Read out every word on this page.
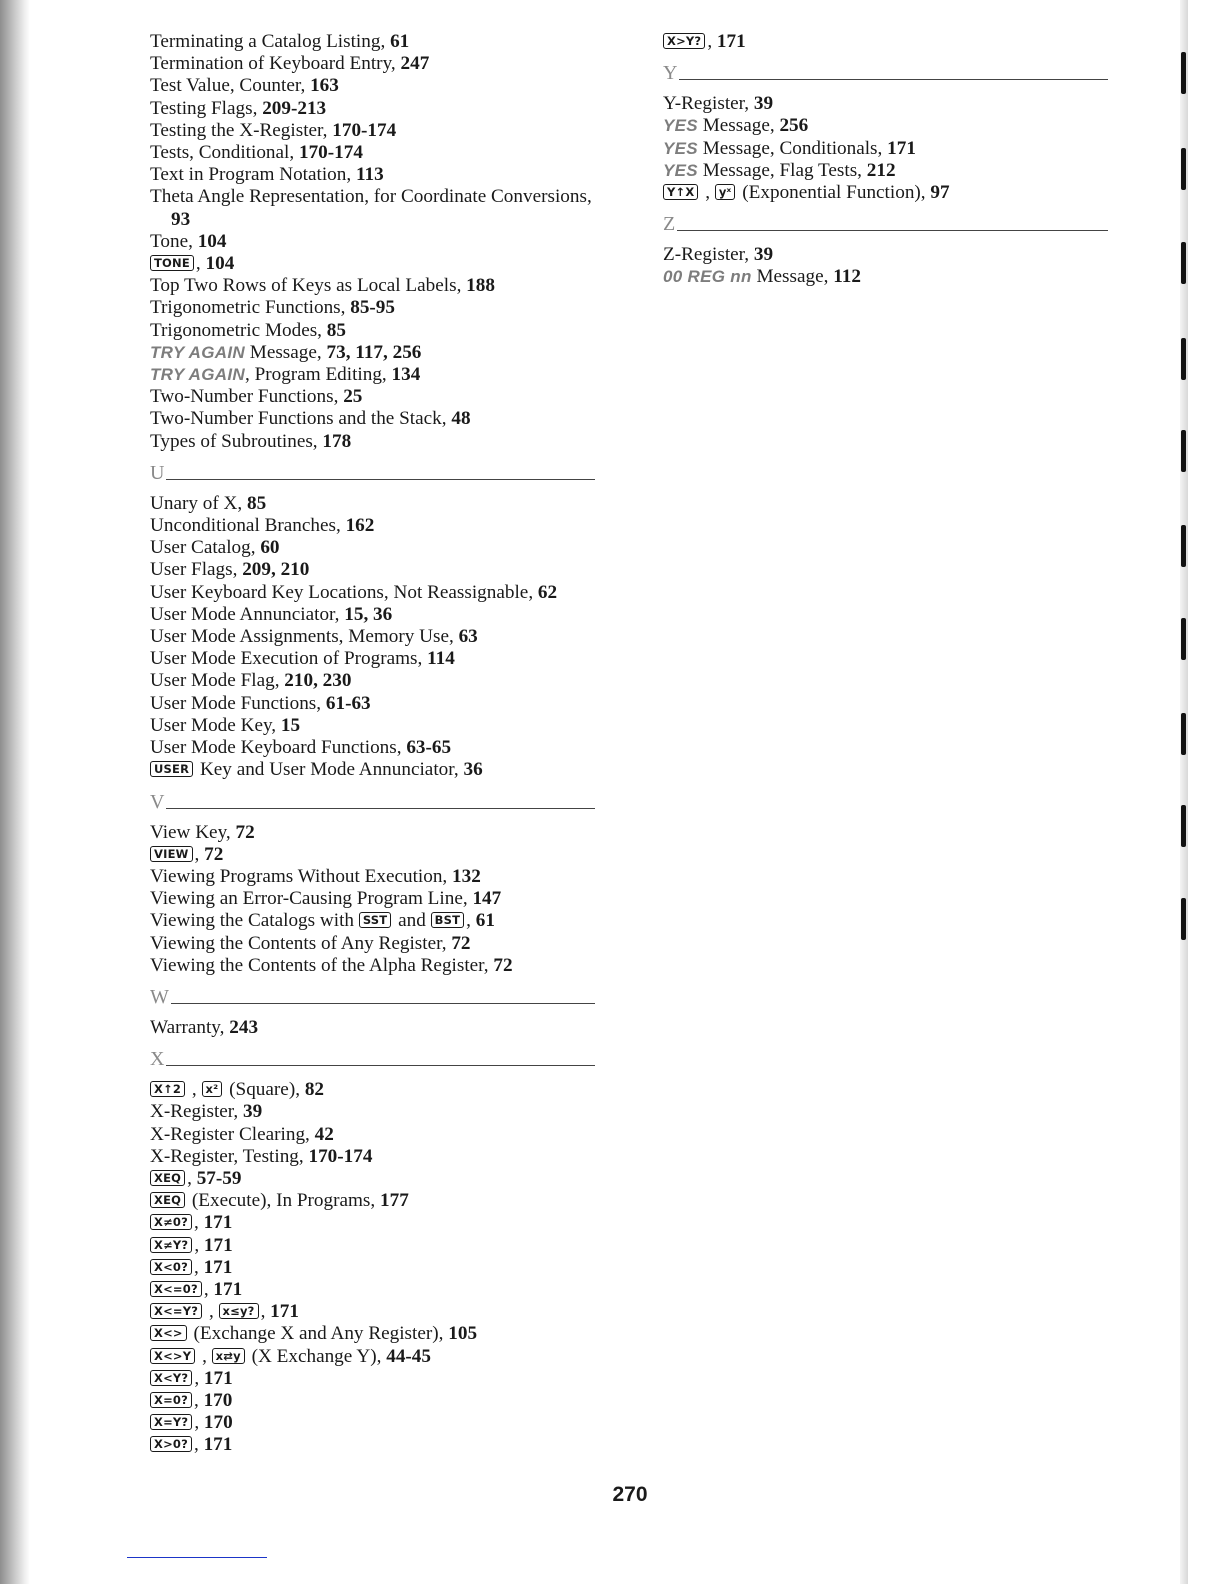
Terminating a Catalog Listing, 61
Termination of Keyboard Entry, 247
Test Value, Counter, 163
Testing Flags, 209-213
Testing the X-Register, 170-174
Tests, Conditional, 170-174
Text in Program Notation, 113
Theta Angle Representation, for Coordinate Conversions, 93
Tone, 104
TONE , 104
Top Two Rows of Keys as Local Labels, 188
Trigonometric Functions, 85-95
Trigonometric Modes, 85
TRY AGAIN Message, 73, 117, 256
TRY AGAIN, Program Editing, 134
Two-Number Functions, 25
Two-Number Functions and the Stack, 48
Types of Subroutines, 178
U
Unary of X, 85
Unconditional Branches, 162
User Catalog, 60
User Flags, 209, 210
User Keyboard Key Locations, Not Reassignable, 62
User Mode Annunciator, 15, 36
User Mode Assignments, Memory Use, 63
User Mode Execution of Programs, 114
User Mode Flag, 210, 230
User Mode Functions, 61-63
User Mode Key, 15
User Mode Keyboard Functions, 63-65
USER Key and User Mode Annunciator, 36
V
View Key, 72
VIEW , 72
Viewing Programs Without Execution, 132
Viewing an Error-Causing Program Line, 147
Viewing the Catalogs with SST and BST , 61
Viewing the Contents of Any Register, 72
Viewing the Contents of the Alpha Register, 72
W
Warranty, 243
X
X↑2 , x² (Square), 82
X-Register, 39
X-Register Clearing, 42
X-Register, Testing, 170-174
XEQ , 57-59
XEQ (Execute), In Programs, 177
X≠0? , 171
X≠Y? , 171
X<0? , 171
X<=0? , 171
X<=Y? , x≤y? , 171
X<> (Exchange X and Any Register), 105
X<>Y , x⇄y (X Exchange Y), 44-45
X<Y? , 171
X=0? , 170
X=Y? , 170
X>0? , 171
X>Y? , 171
Y
Y-Register, 39
YES Message, 256
YES Message, Conditionals, 171
YES Message, Flag Tests, 212
Y↑X , yˣ (Exponential Function), 97
Z
Z-Register, 39
00 REG nn Message, 112
270
